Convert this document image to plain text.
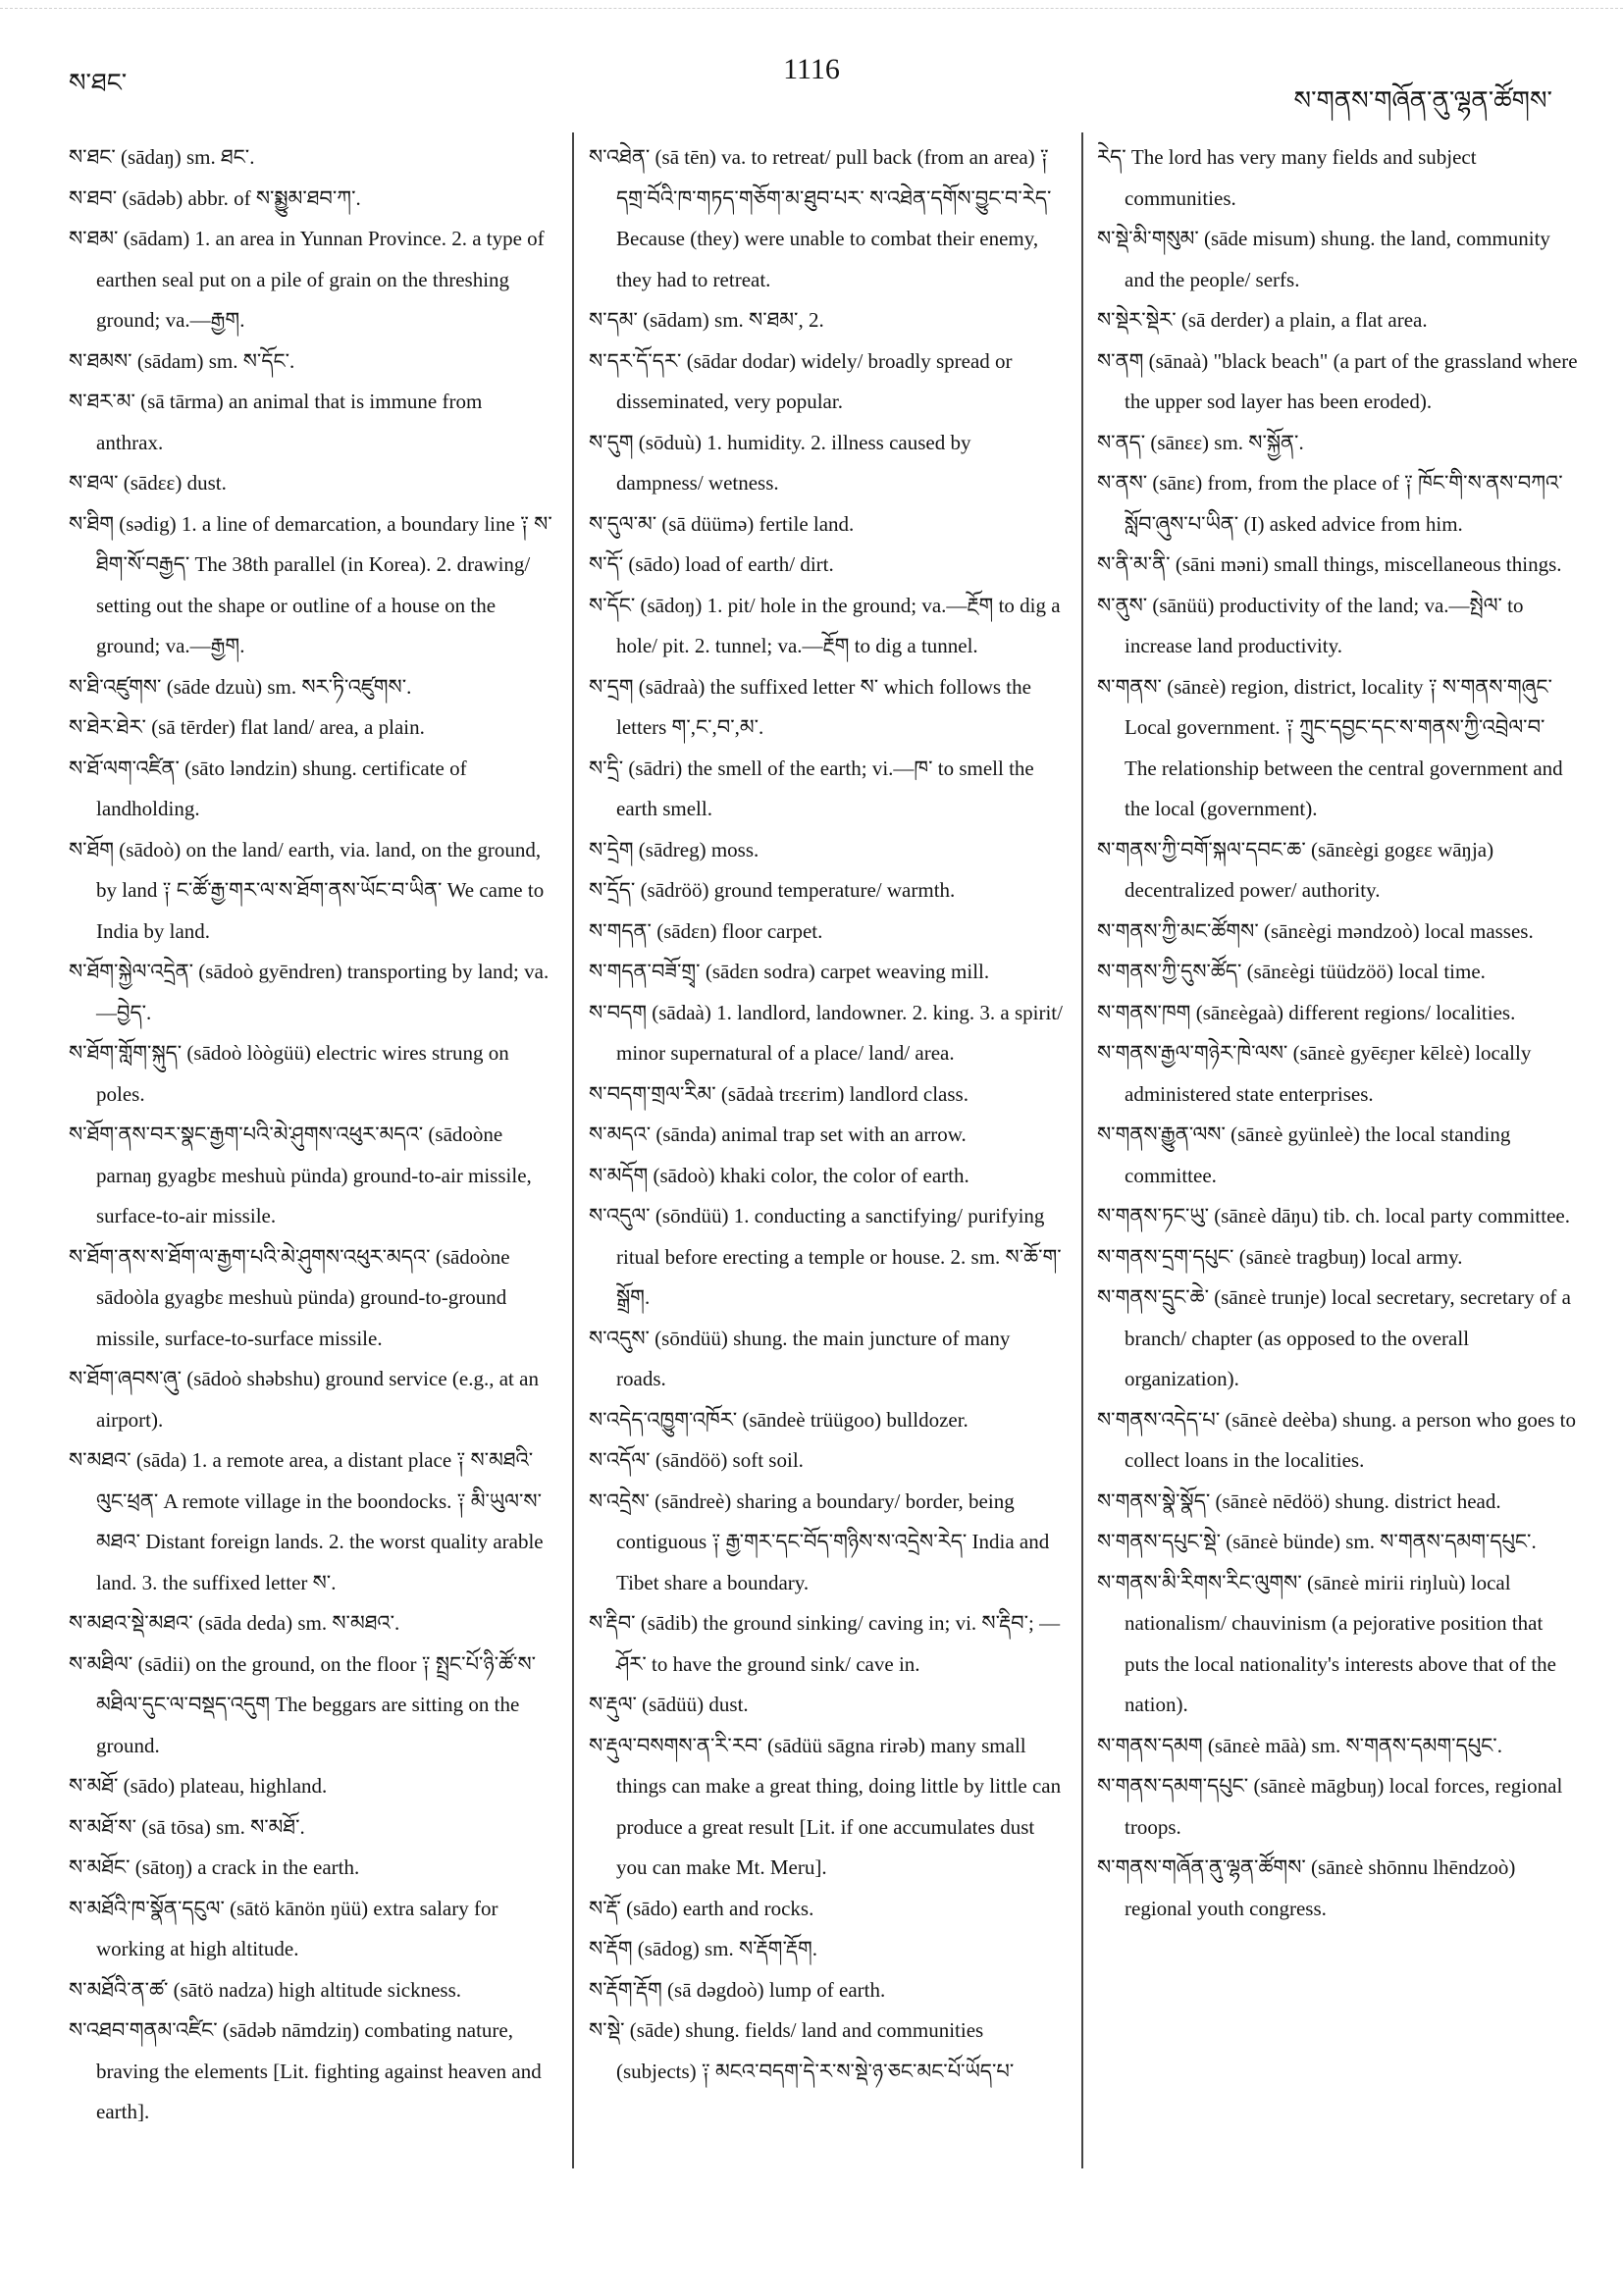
ས་ཐང་	1116
ས་གནས་གཞོན་ནུ་ལྷན་ཚོགས་

ས་ཐང་ (sādaŋ) sm. ཐང་.

ས་ཐབ་ (sādəb) abbr. of ས་སྨྱུམ་ཐབ་ཀ་.

ས་ཐམ་ (sādam) 1. an area in Yunnan Province. 2. a type of earthen seal put on a pile of grain on the threshing ground; va.—རྒྱག.

ས་ཐམས་ (sādam) sm. ས་དོང་.

ས་ཐར་མ་ (sā tārma) an animal that is immune from anthrax.

ས་ཐལ་ (sādɛɛ) dust.

ས་ཐིག (sədig) 1. a line of demarcation, a boundary line ༑ ས་ཐིག་སོ་བརྒྱད་ The 38th parallel (in Korea). 2. drawing/ setting out the shape or outline of a house on the ground; va.—རྒྱག.

ས་ཐི་འཛུགས་ (sāde dzuù) sm. སར་ཏི་འཛུགས་.

ས་ཐེར་ཐེར་ (sā tērder) flat land/ area, a plain.

ས་ཐོ་ལག་འཛིན་ (sāto ləndzin) shung. certificate of landholding.

ས་ཐོག (sādoò) on the land/ earth, via. land, on the ground, by land ༑ ང་ཚོ་རྒྱ་གར་ལ་ས་ཐོག་ནས་ཡོང་བ་ཡིན་ We came to India by land.

ས་ཐོག་སྐྱེལ་འདྲེན་ (sādoò gyēndren) transporting by land; va.—བྱེད་.

ས་ཐོག་གློག་སྐུད་ (sādoò lòògüü) electric wires strung on poles.

ས་ཐོག་ནས་བར་སྣང་རྒྱག་པའི་མེ་ཤུགས་འཕུར་མདའ་ (sādoòne parnaŋ gyagbɛ meshuù pünda) ground-to-air missile, surface-to-air missile.

ས་ཐོག་ནས་ས་ཐོག་ལ་རྒྱག་པའི་མེ་ཤུགས་འཕུར་མདའ་ (sādoòne sādoòla gyagbɛ meshuù pünda) ground-to-ground missile, surface-to-surface missile.

ས་ཐོག་ཞབས་ཞུ་ (sādoò shəbshu) ground service (e.g., at an airport).

ས་མཐའ་ (sāda) 1. a remote area, a distant place ༑ ས་མཐའི་ལུང་ཕྲན་ A remote village in the boondocks. ༑ མི་ཡུལ་ས་མཐའ་ Distant foreign lands. 2. the worst quality arable land. 3. the suffixed letter ས་.

ས་མཐའ་སྡེ་མཐའ་ (sāda deda) sm. ས་མཐའ་.

ས་མཐིལ་ (sādii) on the ground, on the floor ༑ སྤྲང་པོ་ཉི་ཚོ་ས་མཐིལ་དུང་ལ་བསྡད་འདུག The beggars are sitting on the ground.

ས་མཐོ་ (sādo) plateau, highland.

ས་མཐོ་ས་ (sā tōsa) sm. ས་མཐོ་.

ས་མཐོང་ (sātoŋ) a crack in the earth.

ས་མཐོའི་ཁ་སྣོན་དངུལ་ (sātö kānön ŋüü) extra salary for working at high altitude.

ས་མཐོའི་ན་ཚ་ (sātö nadza) high altitude sickness.

ས་འཐབ་གནམ་འཛིང་ (sādəb nāmdziŋ) combating nature, braving the elements [Lit. fighting against heaven and earth].

ས་འཐེན་ (sā tēn) va. to retreat/ pull back (from an area) ༑ དགྲ་བོའི་ཁ་གཏད་གཅོག་མ་ཐུབ་པར་ ས་འཐེན་དགོས་བྱུང་བ་རེད་ Because (they) were unable to combat their enemy, they had to retreat.

ས་དམ་ (sādam) sm. ས་ཐམ་, 2.

ས་དར་དོ་དར་ (sādar dodar) widely/ broadly spread or disseminated, very popular.

ས་དུག (sōduù) 1. humidity. 2. illness caused by dampness/ wetness.

ས་དུལ་མ་ (sā düümə) fertile land.

ས་དོ་ (sādo) load of earth/ dirt.

ས་དོང་ (sādoŋ) 1. pit/ hole in the ground; va.—རྔོག to dig a hole/ pit. 2. tunnel; va.—རྔོག to dig a tunnel.

ས་དྲག (sādraà) the suffixed letter ས་ which follows the letters ག་,ང་,བ་,མ་.

ས་དྲི་ (sādri) the smell of the earth; vi.—ཁ་ to smell the earth smell.

ས་དྲེག (sādreg) moss.

ས་དྲོད་ (sādröö) ground temperature/ warmth.

ས་གདན་ (sādɛn) floor carpet.

ས་གདན་བཟོ་གྲྭ་ (sādɛn sodra) carpet weaving mill.

ས་བདག (sādaà) 1. landlord, landowner. 2. king. 3. a spirit/ minor supernatural of a place/ land/ area.

ས་བདག་གྲལ་རིམ་ (sādaà trɛɛrim) landlord class.

ས་མདའ་ (sānda) animal trap set with an arrow.

ས་མདོག (sādoò) khaki color, the color of earth.

ས་འདུལ་ (sōndüü) 1. conducting a sanctifying/ purifying ritual before erecting a temple or house. 2. sm. ས་ཆོ་ག་སྒྲོག.

ས་འདུས་ (sōndüü) shung. the main juncture of many roads.

ས་འདེད་འཁྱུག་འཁོར་ (sāndeè trüügoo) bulldozer.

ས་འདོལ་ (sāndöö) soft soil.

ས་འདྲེས་ (sāndreè) sharing a boundary/ border, being contiguous ༑ རྒྱ་གར་དང་བོད་གཉིས་ས་འདྲེས་རེད་ India and Tibet share a boundary.

ས་རྡིབ་ (sādib) the ground sinking/ caving in; vi. ས་རྡིབ་; —ཤོར་ to have the ground sink/ cave in.

ས་རྡུལ་ (sādüü) dust.

ས་རྡུལ་བསགས་ན་རི་རབ་ (sādüü sāgna rirəb) many small things can make a great thing, doing little by little can produce a great result [Lit. if one accumulates dust you can make Mt. Meru].

ས་རྡོ་ (sādo) earth and rocks.

ས་རྡོག (sādog) sm. ས་རྡོག་རྡོག.

ས་རྡོག་རྡོག (sā dəgdoò) lump of earth.

ས་སྡེ་ (sāde) shung. fields/ land and communities (subjects) ༑ མངའ་བདག་དེ་ར་ས་སྡེ་ཉ་ཅང་མང་པོ་ཡོད་པ་

རེད་ The lord has very many fields and subject communities.

ས་སྡེ་མི་གསུམ་ (sāde misum) shung. the land, community and the people/ serfs.

ས་སྡེར་སྡེར་ (sā derder) a plain, a flat area.

ས་ནག (sānaà) "black beach" (a part of the grassland where the upper sod layer has been eroded).

ས་ནད་ (sānɛɛ) sm. ས་སྐྱོན་.

ས་ནས་ (sānɛ) from, from the place of ༑ ཁོང་གི་ས་ནས་བཀའ་སློབ་ཞུས་པ་ཡིན་ (I) asked advice from him.

ས་ནི་མ་ནི་ (sāni məni) small things, miscellaneous things.

ས་ནུས་ (sānüü) productivity of the land; va.—སྤེལ་ to increase land productivity.

ས་གནས་ (sānɛè) region, district, locality ༑ ས་གནས་གཞུང་ Local government. ༑ ཀྲུང་དབྱང་དང་ས་གནས་ཀྱི་འབྲེལ་བ་ The relationship between the central government and the local (government).

ས་གནས་ཀྱི་བགོ་སྐལ་དབང་ཆ་ (sānɛègi gogɛɛ wāŋja) decentralized power/ authority.

ས་གནས་ཀྱི་མང་ཚོགས་ (sānɛègi məndzoò) local masses.

ས་གནས་ཀྱི་དུས་ཚོད་ (sānɛègi tüüdzöö) local time.

ས་གནས་ཁག (sānɛègaà) different regions/ localities.

ས་གནས་རྒྱལ་གཉེར་ཁེ་ལས་ (sānɛè gyēɛɲer kēlɛè) locally administered state enterprises.

ས་གནས་རྒྱུན་ལས་ (sānɛè gyünleè) the local standing committee.

ས་གནས་ཏང་ཡུ་ (sānɛè dāŋu) tib. ch. local party committee.

ས་གནས་དྲག་དཔུང་ (sānɛè tragbuŋ) local army.

ས་གནས་དྲུང་ཆེ་ (sānɛè trunje) local secretary, secretary of a branch/ chapter (as opposed to the overall organization).

ས་གནས་འདེད་པ་ (sānɛè deèba) shung. a person who goes to collect loans in the localities.

ས་གནས་སྣེ་སྣོད་ (sānɛè nēdöö) shung. district head.

ས་གནས་དཔུང་སྡེ་ (sānɛè bünde) sm. ས་གནས་དམག་དཔུང་.

ས་གནས་མི་རིགས་རིང་ལུགས་ (sānɛè mirii riŋluù) local nationalism/ chauvinism (a pejorative position that puts the local nationality's interests above that of the nation).

ས་གནས་དམག (sānɛè māà) sm. ས་གནས་དམག་དཔུང་.

ས་གནས་དམག་དཔུང་ (sānɛè māgbuŋ) local forces, regional troops.

ས་གནས་གཞོན་ནུ་ལྷན་ཚོགས་ (sānɛè shōnnu lhēndzoò) regional youth congress.
